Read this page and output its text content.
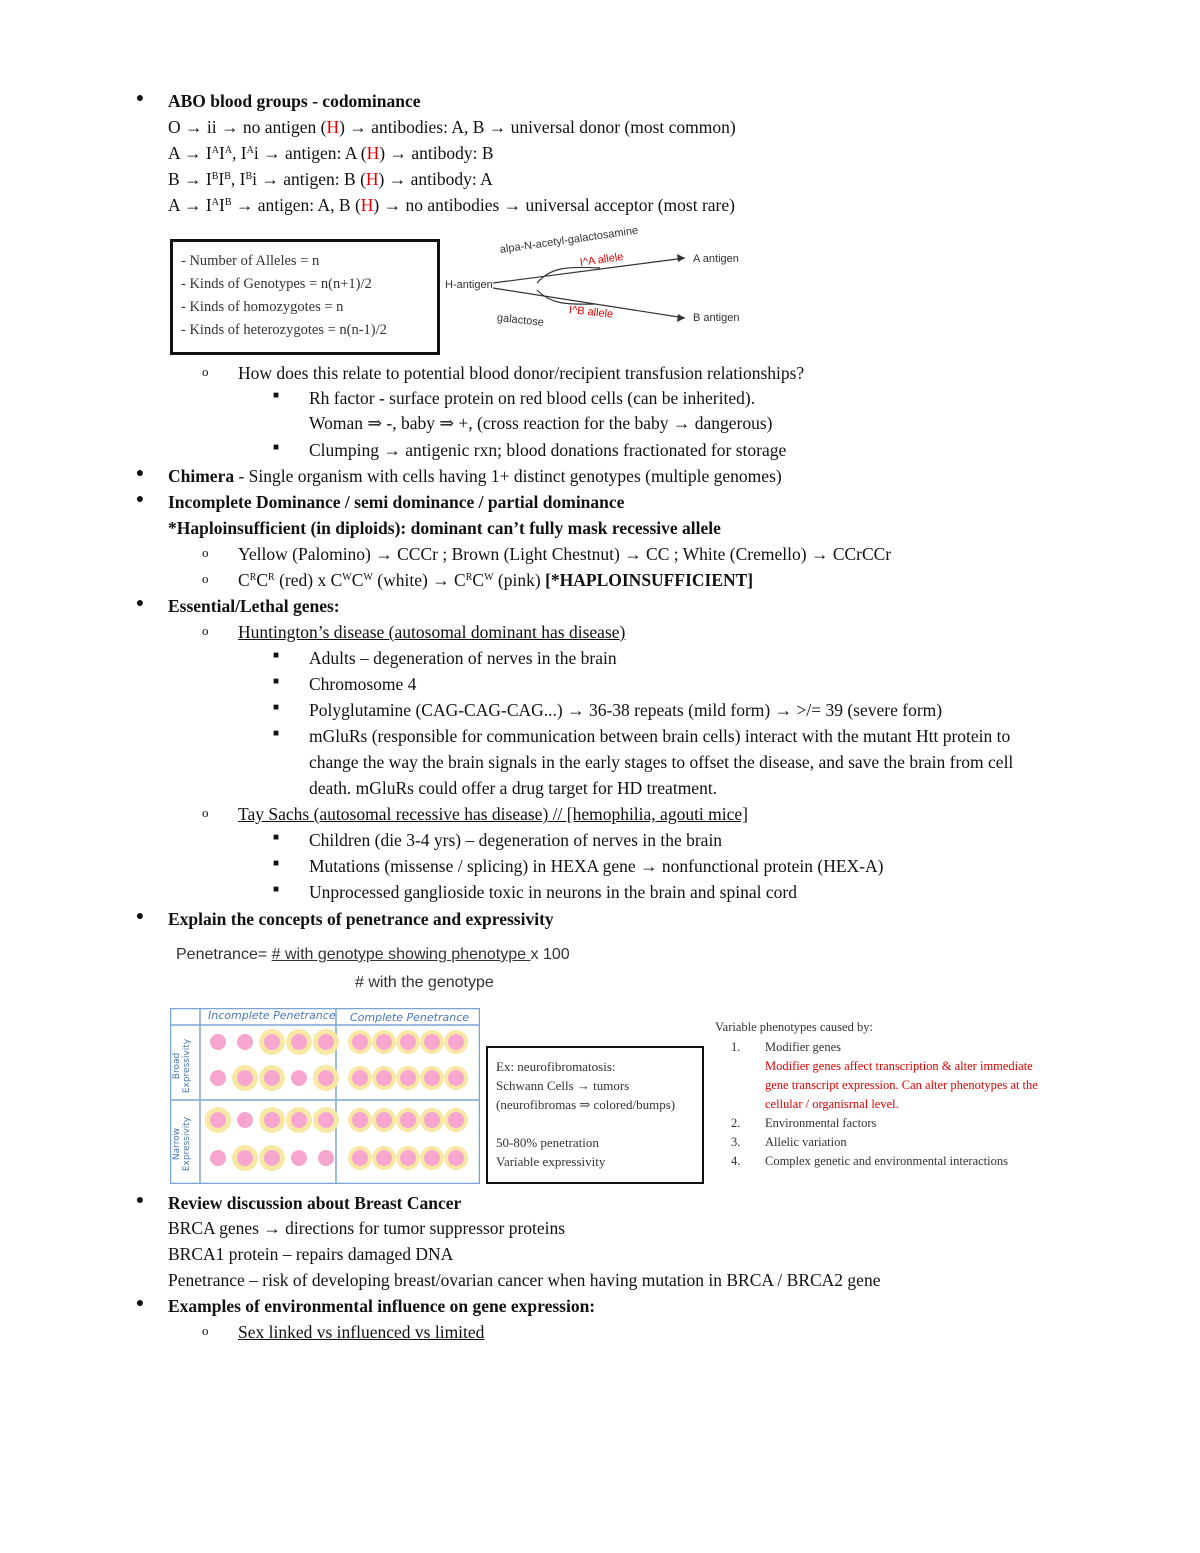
● ABO blood groups - codominance
O → ii → no antigen (H) → antibodies: A, B → universal donor (most common)
$A \to I^AI^A$, $I^Ai$ → antigen: A (H) → antibody: B
$B \to I^BI^B$, $I^Bi$ → antigen: B (H) → antibody: A
$A \to I^AI^B$ → antigen: A, B (H) → no antibodies → universal acceptor (most rare)
- Number of Alleles = n
- Kinds of Genotypes = n(n+1)/2
- Kinds of homozygotes = n
- Kinds of heterozygotes = n(n-1)/2
H-antigen
alpa-N-acetyl-galactosamine
I^A allele	A antigen
galactose I^B allele	B antigen
o How does this relate to potential blood donor/recipient transfusion relationships?
■ Rh factor - surface protein on red blood cells (can be inherited).
Woman ⇒ -, baby ⇒ +, (cross reaction for the baby → dangerous)
■ Clumping → antigenic rxn; blood donations fractionated for storage
● Chimera - Single organism with cells having 1+ distinct genotypes (multiple genomes)
● Incomplete Dominance / semi dominance / partial dominance
*Haploinsufficient (in diploids): dominant can’t fully mask recessive allele
o Yellow (Palomino) → CCCr ; Brown (Light Chestnut) → CC ; White (Cremello) → CCrCCr
o $C^RC^R$ (red) x $C^WC^W$ (white) → $C^RC^W$ (pink) [*HAPLOINSUFFICIENT]
● Essential/Lethal genes:
o Huntington’s disease (autosomal dominant has disease)
■ Adults – degeneration of nerves in the brain
■ Chromosome 4
■ Polyglutamine (CAG-CAG-CAG...) → 36-38 repeats (mild form) → >/= 39 (severe form)
■ mGluRs (responsible for communication between brain cells) interact with the mutant Htt protein to
change the way the brain signals in the early stages to offset the disease, and save the brain from cell
death. mGluRs could offer a drug target for HD treatment.
o Tay Sachs (autosomal recessive has disease) // [hemophilia, agouti mice]
■ Children (die 3-4 yrs) – degeneration of nerves in the brain
■ Mutations (missense / splicing) in HEXA gene → nonfunctional protein (HEX-A)
■ Unprocessed ganglioside toxic in neurons in the brain and spinal cord
● Explain the concepts of penetrance and expressivity
Penetrance= # with genotype showing phenotype x 100
# with the genotype
Incomplete Penetrance Complete Penetrance
Broad Expressivity
Narrow Expressivity
Ex: neurofibromatosis:
Schwann Cells → tumors
(neurofibromas ⇒ colored/bumps)
50-80% penetration
Variable expressivity
Variable phenotypes caused by:
1. Modifier genes
Modifier genes affect transcription & alter immediate
gene transcript expression. Can alter phenotypes at the
cellular / organisrnal level.
2. Environmental factors
3. Allelic variation
4. Complex genetic and environmental interactions
● Review discussion about Breast Cancer
BRCA genes → directions for tumor suppressor proteins
BRCA1 protein – repairs damaged DNA
Penetrance – risk of developing breast/ovarian cancer when having mutation in BRCA / BRCA2 gene
● Examples of environmental influence on gene expression:
o Sex linked vs influenced vs limited
